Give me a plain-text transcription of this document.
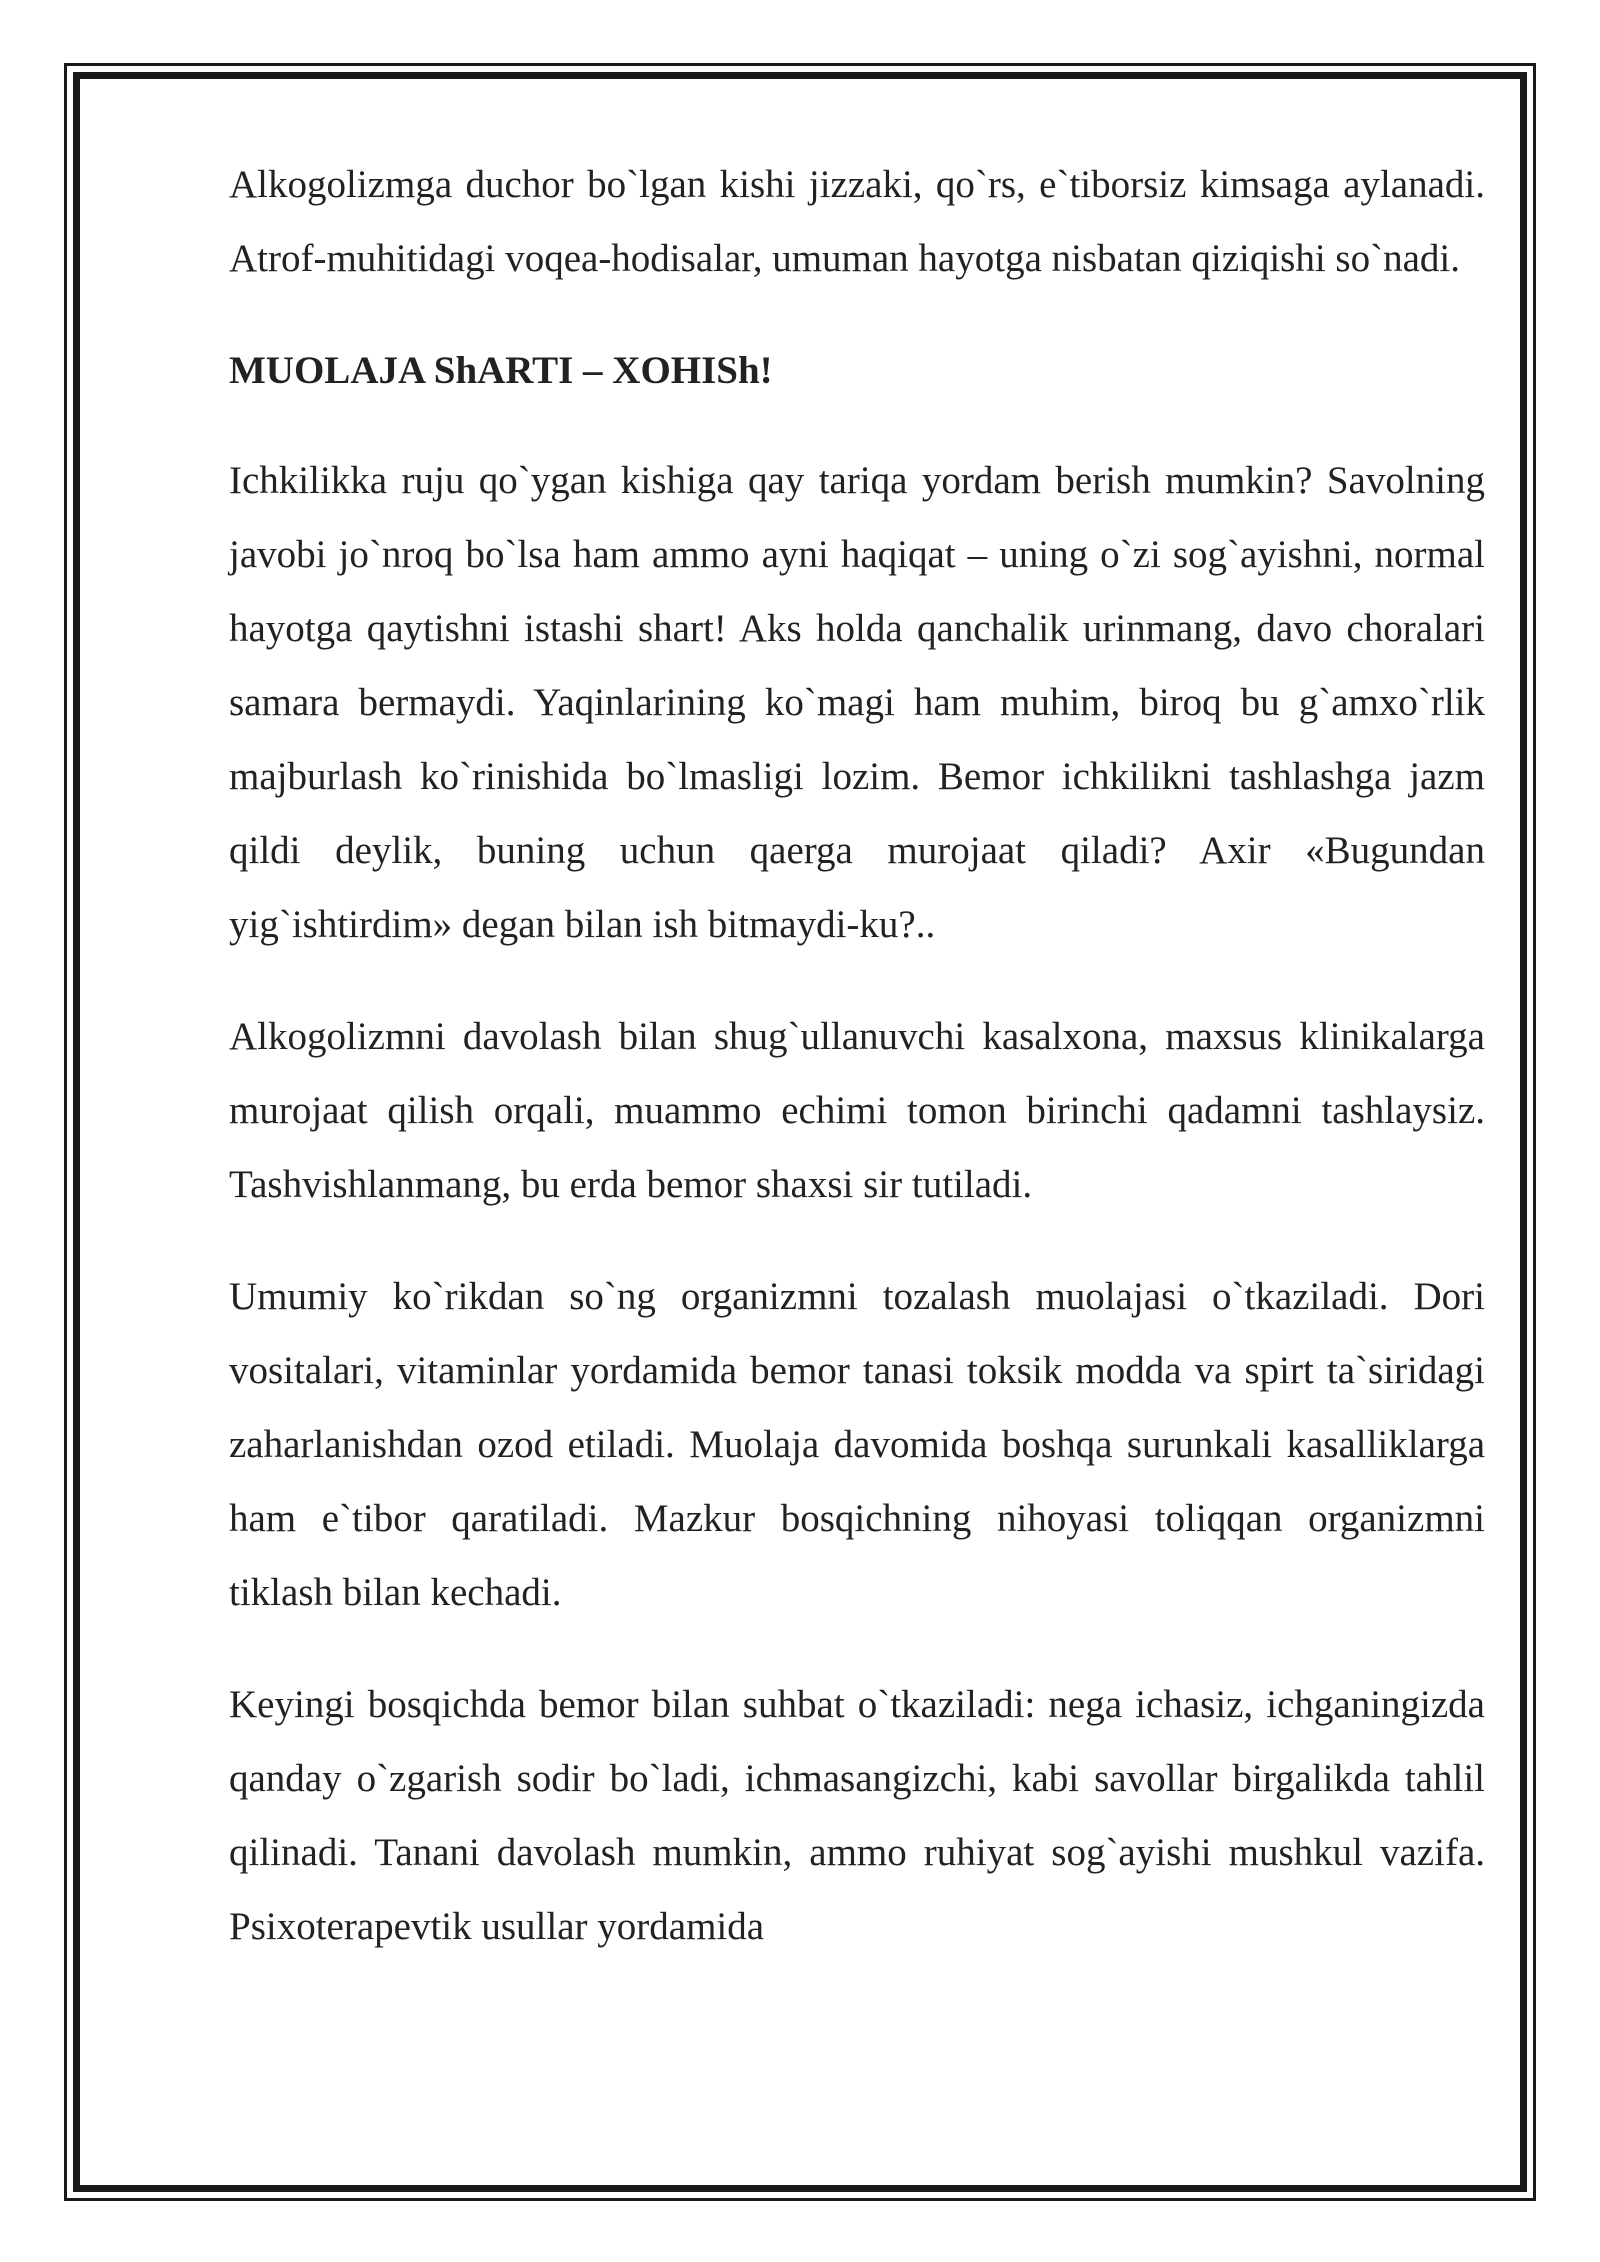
Alkogolizmga duchor bo`lgan kishi jizzaki, qo`rs, e`tiborsiz kimsaga aylanadi. Atrof-muhitidagi voqea-hodisalar, umuman hayotga nisbatan qiziqishi so`nadi.

MUOLAJA ShARTI – XOHISh!

Ichkilikka ruju qo`ygan kishiga qay tariqa yordam berish mumkin? Savolning javobi jo`nroq bo`lsa ham ammo ayni haqiqat – uning o`zi sog`ayishni, normal hayotga qaytishni istashi shart! Aks holda qanchalik urinmang, davo choralari samara bermaydi. Yaqinlarining ko`magi ham muhim, biroq bu g`amxo`rlik majburlash ko`rinishida bo`lmasligi lozim. Bemor ichkilikni tashlashga jazm qildi deylik, buning uchun qaerga murojaat qiladi? Axir «Bugundan yig`ishtirdim» degan bilan ish bitmaydi-ku?..

Alkogolizmni davolash bilan shug`ullanuvchi kasalxona, maxsus klinikalarga murojaat qilish orqali, muammo echimi tomon birinchi qadamni tashlaysiz. Tashvishlanmang, bu erda bemor shaxsi sir tutiladi.

Umumiy ko`rikdan so`ng organizmni tozalash muolajasi o`tkaziladi. Dori vositalari, vitaminlar yordamida bemor tanasi toksik modda va spirt ta`siridagi zaharlanishdan ozod etiladi. Muolaja davomida boshqa surunkali kasalliklarga ham e`tibor qaratiladi. Mazkur bosqichning nihoyasi toliqqan organizmni tiklash bilan kechadi.

Keyingi bosqichda bemor bilan suhbat o`tkaziladi: nega ichasiz, ichganingizda qanday o`zgarish sodir bo`ladi, ichmasangizchi, kabi savollar birgalikda tahlil qilinadi. Tanani davolash mumkin, ammo ruhiyat sog`ayishi mushkul vazifa. Psixoterapevtik usullar yordamida
